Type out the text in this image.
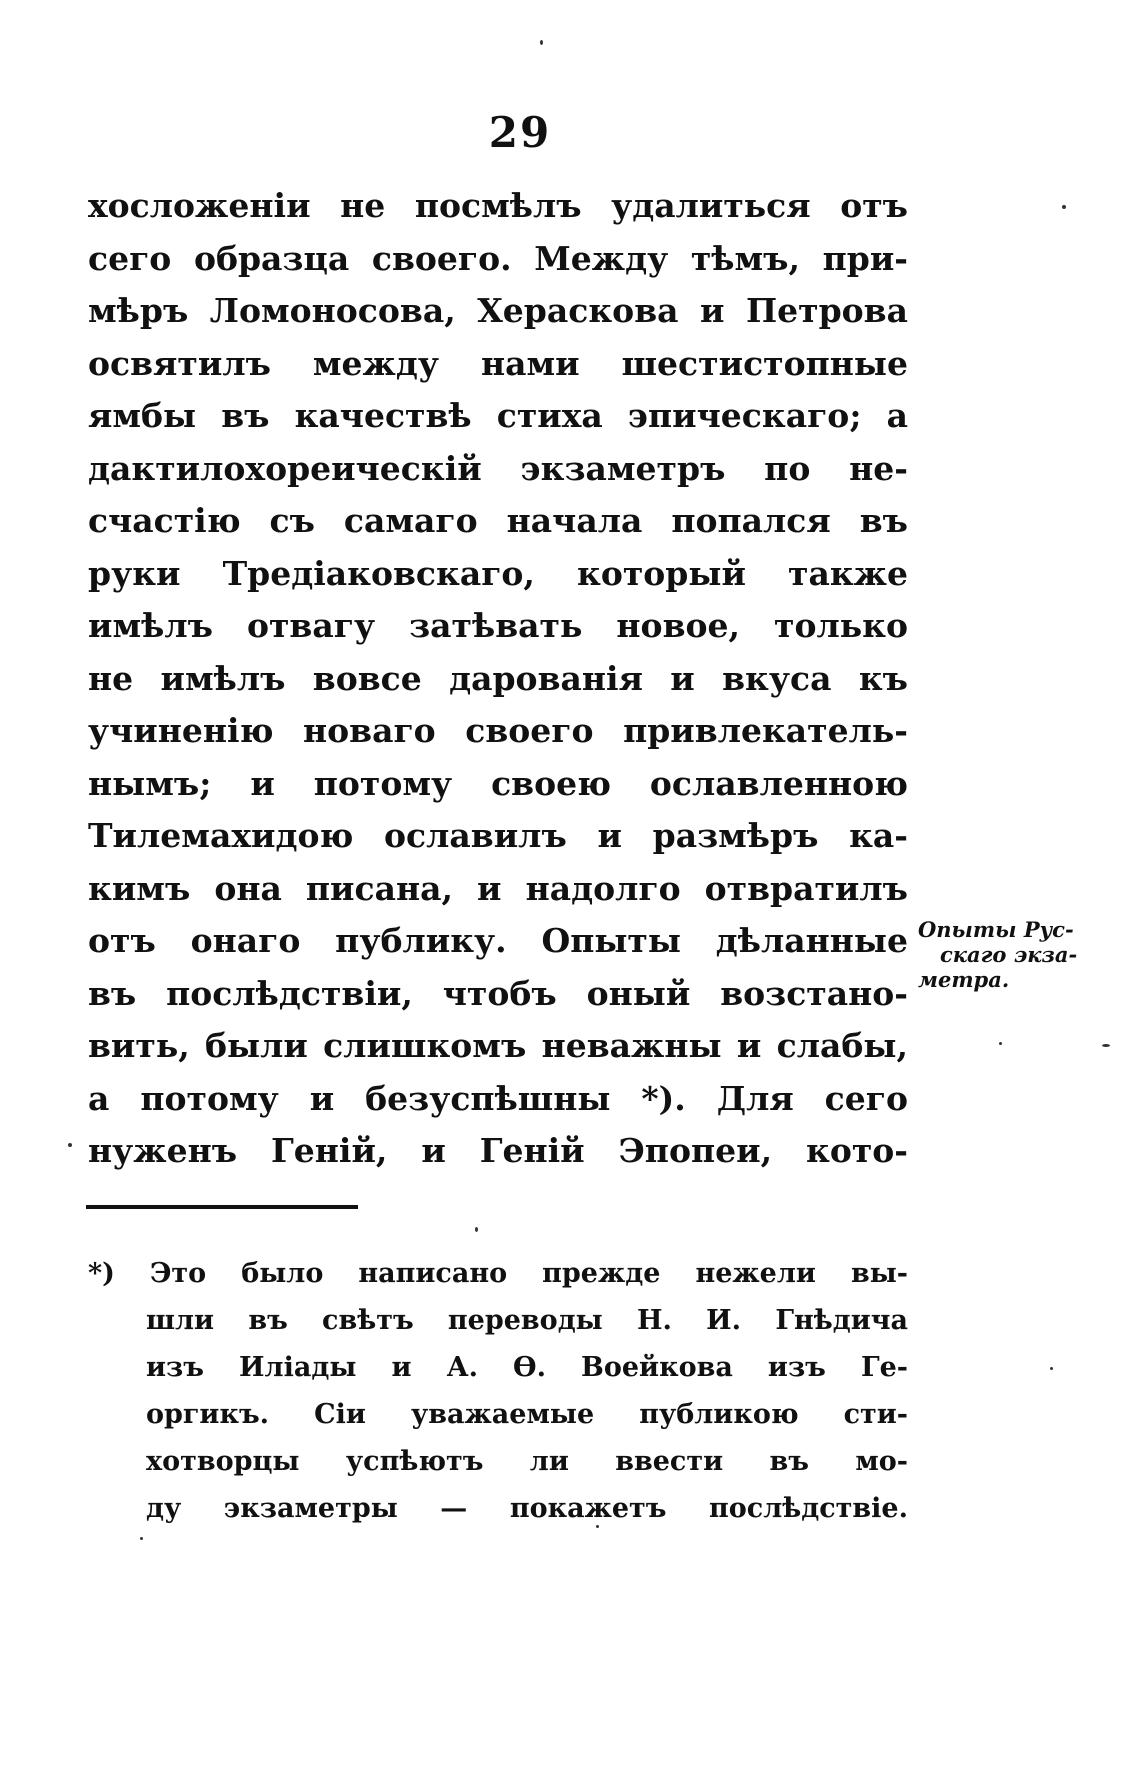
29
хосложенiи не посмѣлъ удалиться отъ
сего образца своего. Между тѣмъ, при-
мѣръ Ломоносова, Хераскова и Петрова
освятилъ между нами шестистопные
ямбы въ качествѣ стиха эпическаго; а
дактилохореическiй экзаметръ по не-
счастiю съ самаго начала попался въ
руки Тредiаковскаго, который также
имѣлъ отвагу затѣвать новое, только
не имѣлъ вовсе дарованiя и вкуса къ
учиненiю новаго своего привлекатель-
нымъ; и потому своею ославленною
Тилемахидою ославилъ и размѣръ ка-
кимъ она писана, и надолго отвратилъ
отъ онаго публику. Опыты дѣланные
въ послѣдствiи, чтобъ оный возстано-
вить, были слишкомъ неважны и слабы,
а потому и безуспѣшны *). Для сего
нуженъ Генiй, и Генiй Эпопеи, кото-
Опыты Рус-
скаго экза-
метра.
*) Это было написано прежде нежели вы-
шли въ свѣтъ переводы Н. И. Гнѣдича
изъ Илiады и А. Ѳ. Воейкова изъ Ге-
оргикъ. Сiи уважаемые публикою сти-
хотворцы успѣютъ ли ввести въ мо-
ду экзаметры — покажетъ послѣдствiе.
